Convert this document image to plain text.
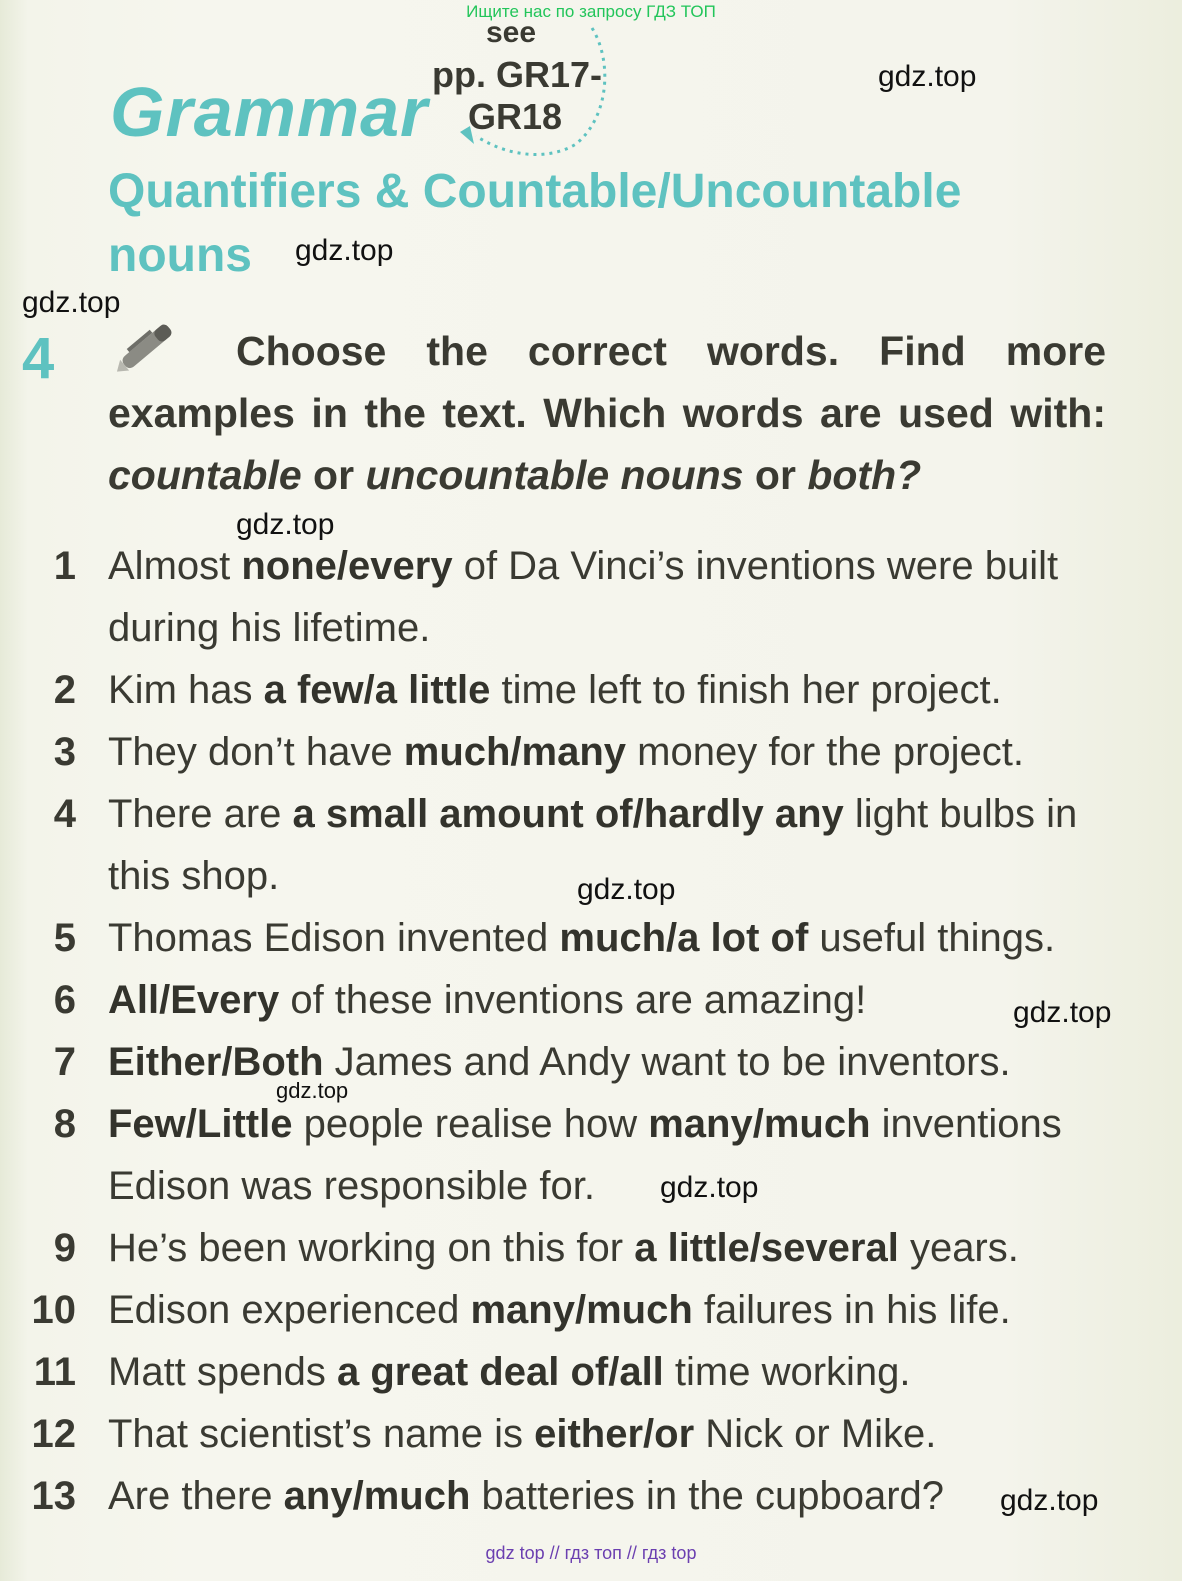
Ищите нас по запросу ГДЗ ТОП
Grammar
see
pp. GR17-
GR18
Quantifiers & Countable/Uncountable nouns
4	Choose the correct words. Find more examples in the text. Which words are used with: countable or uncountable nouns or both?
1 Almost none/every of Da Vinci’s inventions were built during his lifetime.
2 Kim has a few/a little time left to finish her project.
3 They don’t have much/many money for the project.
4 There are a small amount of/hardly any light bulbs in this shop.
5 Thomas Edison invented much/a lot of useful things.
6 All/Every of these inventions are amazing!
7 Either/Both James and Andy want to be inventors.
8 Few/Little people realise how many/much inventions Edison was responsible for.
9 He’s been working on this for a little/several years.
10 Edison experienced many/much failures in his life.
11 Matt spends a great deal of/all time working.
12 That scientist’s name is either/or Nick or Mike.
13 Are there any/much batteries in the cupboard?
gdz.top
gdz.top
gdz.top
gdz.top
gdz.top
gdz.top
gdz.top
gdz.top
gdz.top
gdz top // гдз топ // гдз top
